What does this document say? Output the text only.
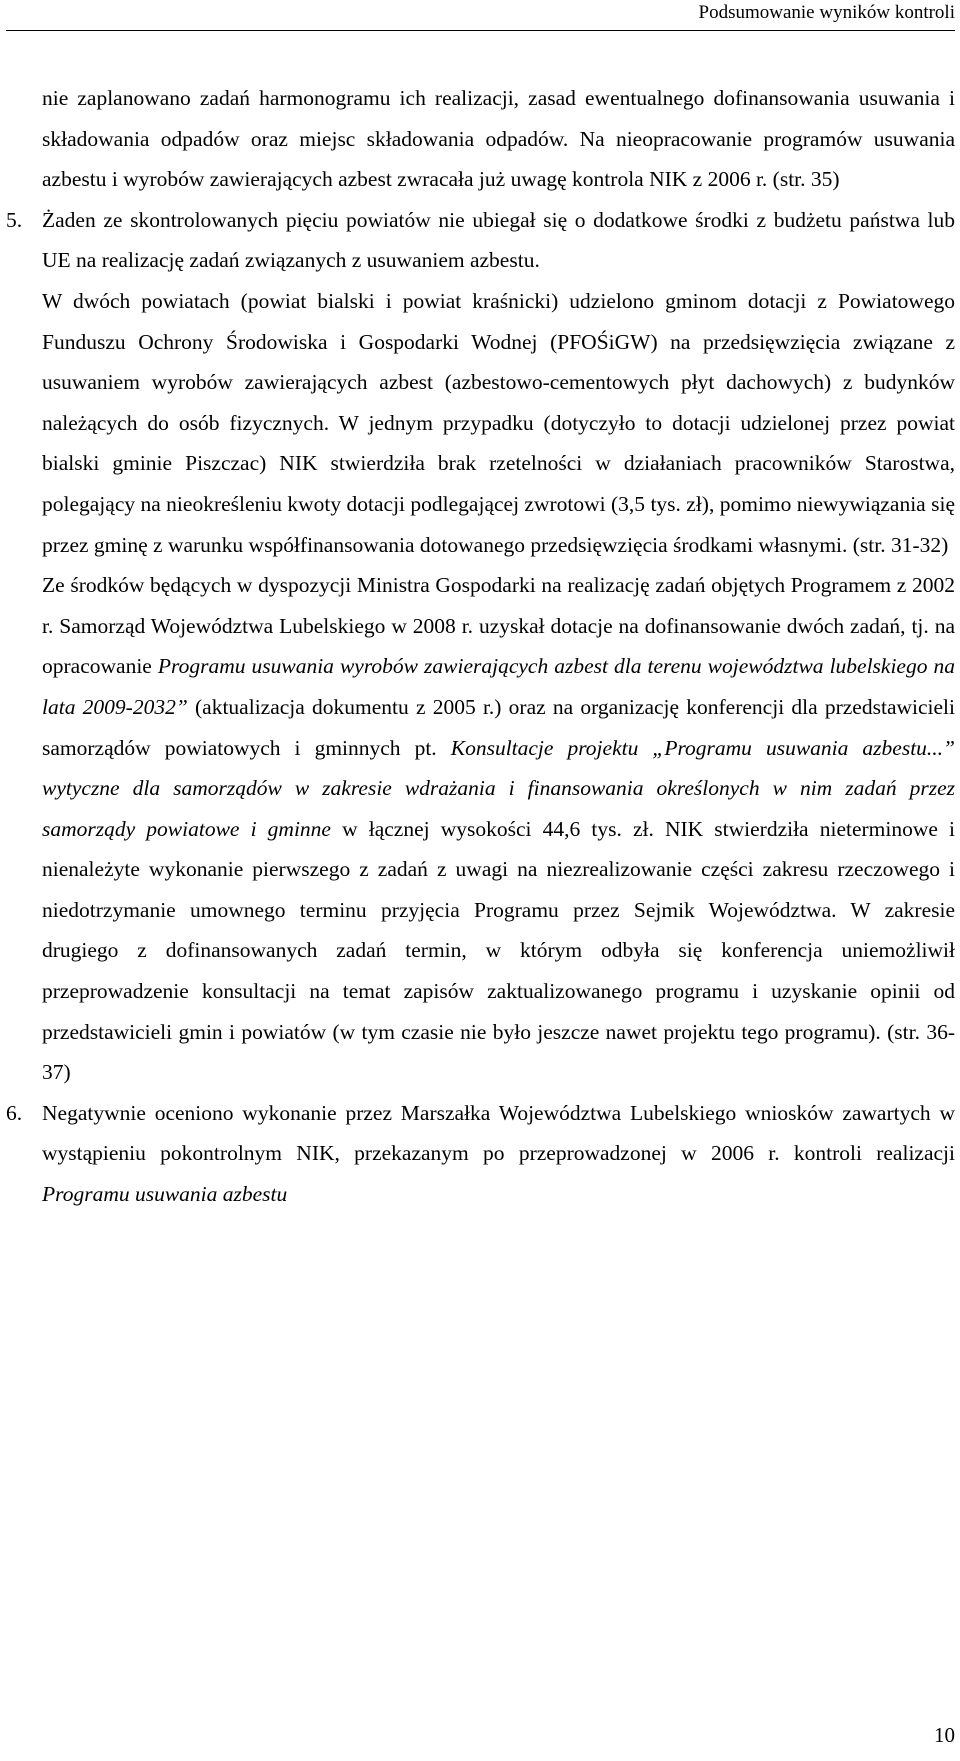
Podsumowanie wyników kontroli

nie zaplanowano zadań harmonogramu ich realizacji, zasad ewentualnego dofinansowania usuwania i składowania odpadów oraz miejsc składowania odpadów. Na nieopracowanie programów usuwania azbestu i wyrobów zawierających azbest zwracała już uwagę kontrola NIK z 2006 r. (str. 35)

5. Żaden ze skontrolowanych pięciu powiatów nie ubiegał się o dodatkowe środki z budżetu państwa lub UE na realizację zadań związanych z usuwaniem azbestu.

W dwóch powiatach (powiat bialski i powiat kraśnicki) udzielono gminom dotacji z Powiatowego Funduszu Ochrony Środowiska i Gospodarki Wodnej (PFOŚiGW) na przedsięwzięcia związane z usuwaniem wyrobów zawierających azbest (azbestowo-cementowych płyt dachowych) z budynków należących do osób fizycznych. W jednym przypadku (dotyczyło to dotacji udzielonej przez powiat bialski gminie Piszczac) NIK stwierdziła brak rzetelności w działaniach pracowników Starostwa, polegający na nieokreśleniu kwoty dotacji podlegającej zwrotowi (3,5 tys. zł), pomimo niewywiązania się przez gminę z warunku współfinansowania dotowanego przedsięwzięcia środkami własnymi. (str. 31-32)

Ze środków będących w dyspozycji Ministra Gospodarki na realizację zadań objętych Programem z 2002 r. Samorząd Województwa Lubelskiego w 2008 r. uzyskał dotacje na dofinansowanie dwóch zadań, tj. na opracowanie Programu usuwania wyrobów zawierających azbest dla terenu województwa lubelskiego na lata 2009-2032” (aktualizacja dokumentu z 2005 r.) oraz na organizację konferencji dla przedstawicieli samorządów powiatowych i gminnych pt. Konsultacje projektu „Programu usuwania azbestu...” wytyczne dla samorządów w zakresie wdrażania i finansowania określonych w nim zadań przez samorządy powiatowe i gminne w łącznej wysokości 44,6 tys. zł. NIK stwierdziła nieterminowe i nienależyte wykonanie pierwszego z zadań z uwagi na niezrealizowanie części zakresu rzeczowego i niedotrzymanie umownego terminu przyjęcia Programu przez Sejmik Województwa. W zakresie drugiego z dofinansowanych zadań termin, w którym odbyła się konferencja uniemożliwił przeprowadzenie konsultacji na temat zapisów zaktualizowanego programu i uzyskanie opinii od przedstawicieli gmin i powiatów (w tym czasie nie było jeszcze nawet projektu tego programu). (str. 36-37)

6. Negatywnie oceniono wykonanie przez Marszałka Województwa Lubelskiego wniosków zawartych w wystąpieniu pokontrolnym NIK, przekazanym po przeprowadzonej w 2006 r. kontroli realizacji Programu usuwania azbestu

10
